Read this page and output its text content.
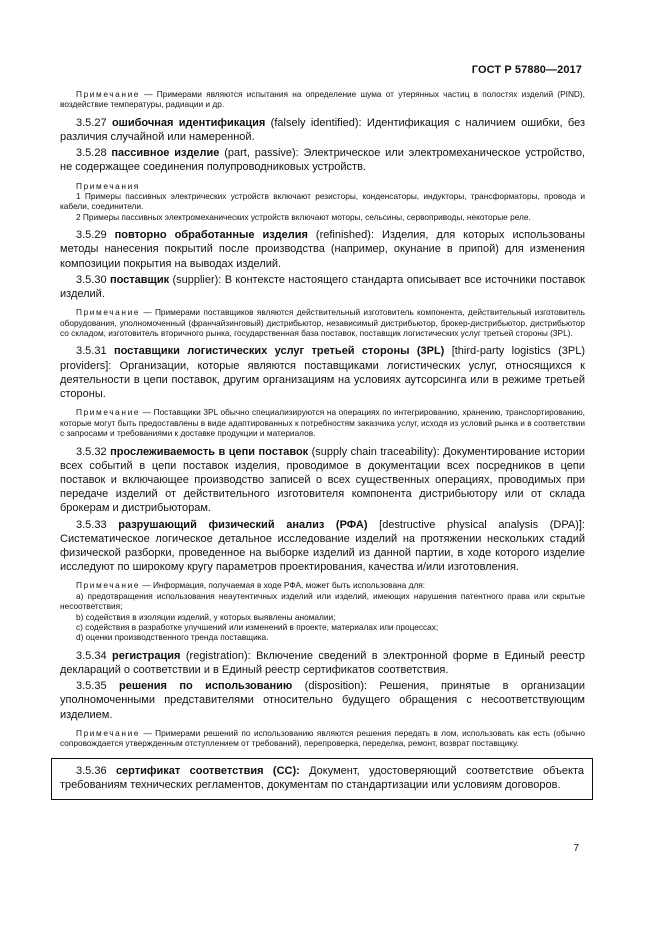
ГОСТ Р 57880—2017

Примечание — Примерами являются испытания на определение шума от утерянных частиц в полостях изделий (PIND), воздействие температуры, радиации и др.

3.5.27 ошибочная идентификация (falsely identified): Идентификация с наличием ошибки, без различия случайной или намеренной.

3.5.28 пассивное изделие (part, passive): Электрическое или электромеханическое устройство, не содержащее соединения полупроводниковых устройств.

Примечания

1 Примеры пассивных электрических устройств включают резисторы, конденсаторы, индукторы, трансформаторы, провода и кабели, соединители.

2 Примеры пассивных электромеханических устройств включают моторы, сельсины, сервоприводы, некоторые реле.

3.5.29 повторно обработанные изделия (refinished): Изделия, для которых использованы методы нанесения покрытий после производства (например, окунание в припой) для изменения композиции покрытия на выводах изделий.

3.5.30 поставщик (supplier): В контексте настоящего стандарта описывает все источники поставок изделий.

Примечание — Примерами поставщиков являются действительный изготовитель компонента, действительный изготовитель оборудования, уполномоченный (франчайзинговый) дистрибьютор, независимый дистрибьютор, брокер-дистрибьютор, дистрибьютор со складом, изготовитель вторичного рынка, государственная база поставок, поставщик логистических услуг третьей стороны (3PL).

3.5.31 поставщики логистических услуг третьей стороны (3PL) [third-party logistics (3PL) providers]: Организации, которые являются поставщиками логистических услуг, относящихся к деятельности в цепи поставок, другим организациям на условиях аутсорсинга или в режиме третьей стороны.

Примечание — Поставщики 3PL обычно специализируются на операциях по интегрированию, хранению, транспортированию, которые могут быть предоставлены в виде адаптированных к потребностям заказчика услуг, исходя из условий рынка и в соответствии с запросами и требованиями к доставке продукции и материалов.

3.5.32 прослеживаемость в цепи поставок (supply chain traceability): Документирование истории всех событий в цепи поставок изделия, проводимое в документации всех посредников в цепи поставок и включающее производство записей о всех существенных операциях, проводимых при передаче изделий от действительного изготовителя компонента дистрибьютору или от склада брокерам и дистрибьюторам.

3.5.33 разрушающий физический анализ (РФА) [destructive physical analysis (DPA)]: Систематическое логическое детальное исследование изделий на протяжении нескольких стадий физической разборки, проведенное на выборке изделий из данной партии, в ходе которого изделие исследуют по широкому кругу параметров проектирования, качества и/или изготовления.

Примечание — Информация, получаемая в ходе РФА, может быть использована для:

a) предотвращения использования неаутентичных изделий или изделий, имеющих нарушения патентного права или скрытые несоответствия;

b) содействия в изоляции изделий, у которых выявлены аномалии;

c) содействия в разработке улучшений или изменений в проекте, материалах или процессах;

d) оценки производственного тренда поставщика.

3.5.34 регистрация (registration): Включение сведений в электронной форме в Единый реестр деклараций о соответствии и в Единый реестр сертификатов соответствия.

3.5.35 решения по использованию (disposition): Решения, принятые в организации уполномоченными представителями относительно будущего обращения с несоответствующим изделием.

Примечание — Примерами решений по использованию являются решения передать в лом, использовать как есть (обычно сопровождается утвержденным отступлением от требований), перепроверка, переделка, ремонт, возврат поставщику.

3.5.36 сертификат соответствия (CC): Документ, удостоверяющий соответствие объекта требованиям технических регламентов, документам по стандартизации или условиям договоров.

7
